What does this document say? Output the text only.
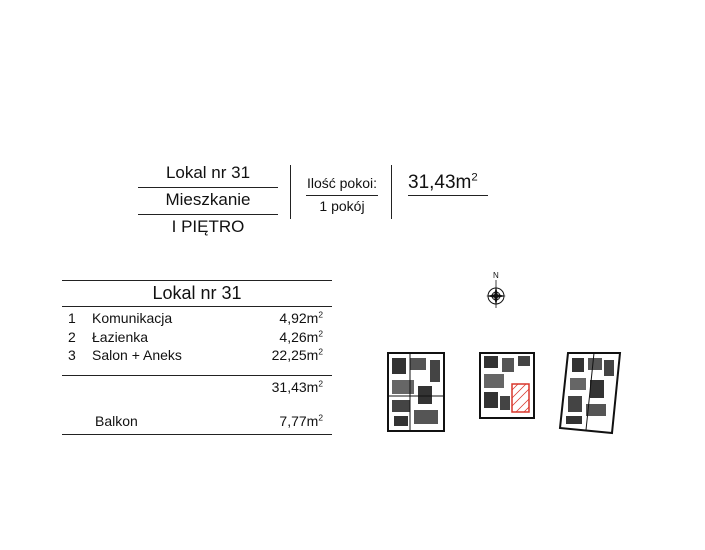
Lokal nr 31
Mieszkanie
I PIĘTRO
Ilość pokoi:
1 pokój
$31,43m^2$
Lokal nr 31
1 Komunikacja	$4,92m^2$
2 Łazienka	$4,26m^2$
3 Salon + Aneks	$22,25m^2$
$31,43m^2$
Balkon	$7,77m^2$
N
